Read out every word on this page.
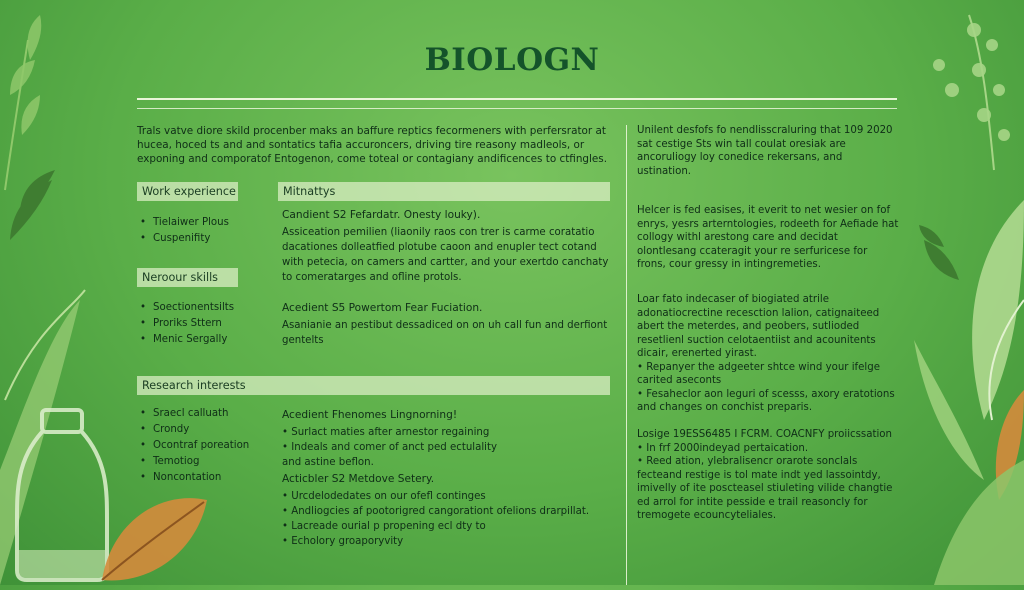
BIOLOGN
Trals vatve diore skild procenber maks an baffure reptics fecormeners with perfersrator at hucea, hoced ts and and sontatics tafia accuroncers, driving tire reasony madleols, or exponing and comporatof Entogenon, come toteal or contagiany andificences to ctfingles.
Work experience
• Tielaiwer Plous
• Cuspenifity
Neroour skills
• Soectionentsilts
• Proriks Sttern
• Menic Sergally
Research interests
• Sraecl calluath
• Crondy
• Ocontraf poreation
• Temotiog
• Noncontation
Mitnattys
Candient S2 Fefardatr. Onesty louky).
Assiceation pemilien (liaonily raos con trer is carme coratatio dacationes dolleatfied plotube caoon and enupler tect cotand with petecia, on camers and cartter, and your exertdo canchaty to comeratarges and ofline protols.
Acedient S5 Powertom Fear Fuciation.
Asanianie an pestibut dessadiced on on uh call fun and derfiont gentelts
Acedient Fhenomes Lingnorning!
• Surlact maties after arnestor regaining
• Indeals and comer of anct ped ectulality
and astine beflon.
Acticbler S2 Metdove Setery.
• Urcdelodedates on our ofefl continges
• Andliogcies af pootorigred cangorationt ofelions drarpillat.
• Lacreade ourial p propening ecl dty to
• Echolory groaporyvity
Unilent desfofs fo nendlisscraluring that 109 2020 sat cestige Sts win tall coulat oresiak are ancoruliogy loy conedice rekersans, and ustination.
Helcer is fed easises, it everit to net wesier on fof enrys, yesrs arterntologies, rodeeth for Aefiade hat collogy withl arestong care and decidat olontlesang ccateragit your re serfuricese for frons, cour gressy in intingremeties.
Loar fato indecaser of biogiated atrile adonatiocrectine recesction lalion, catignaiteed abert the meterdes, and peobers, sutlioded resetlienl suction celotaentiist and acounitents dicair, erenerted yirast.
• Repanyer the adgeeter shtce wind your ifelge carited aseconts
• Fesaheclor aon leguri of scesss, axory eratotions and changes on conchist preparis.
Losige 19ESS6485 I FCRM. COACNFY proiicssation
• In frf 2000indeyad pertaication.
• Reed ation, ylebralisencr orarote sonclals fecteand restige is tol mate indt yed lassointdy, imivelly of ite poscteasel stiuleting vilide changtie ed arrol for intite pesside e trail reasoncly for tremogete ecouncyteliales.
